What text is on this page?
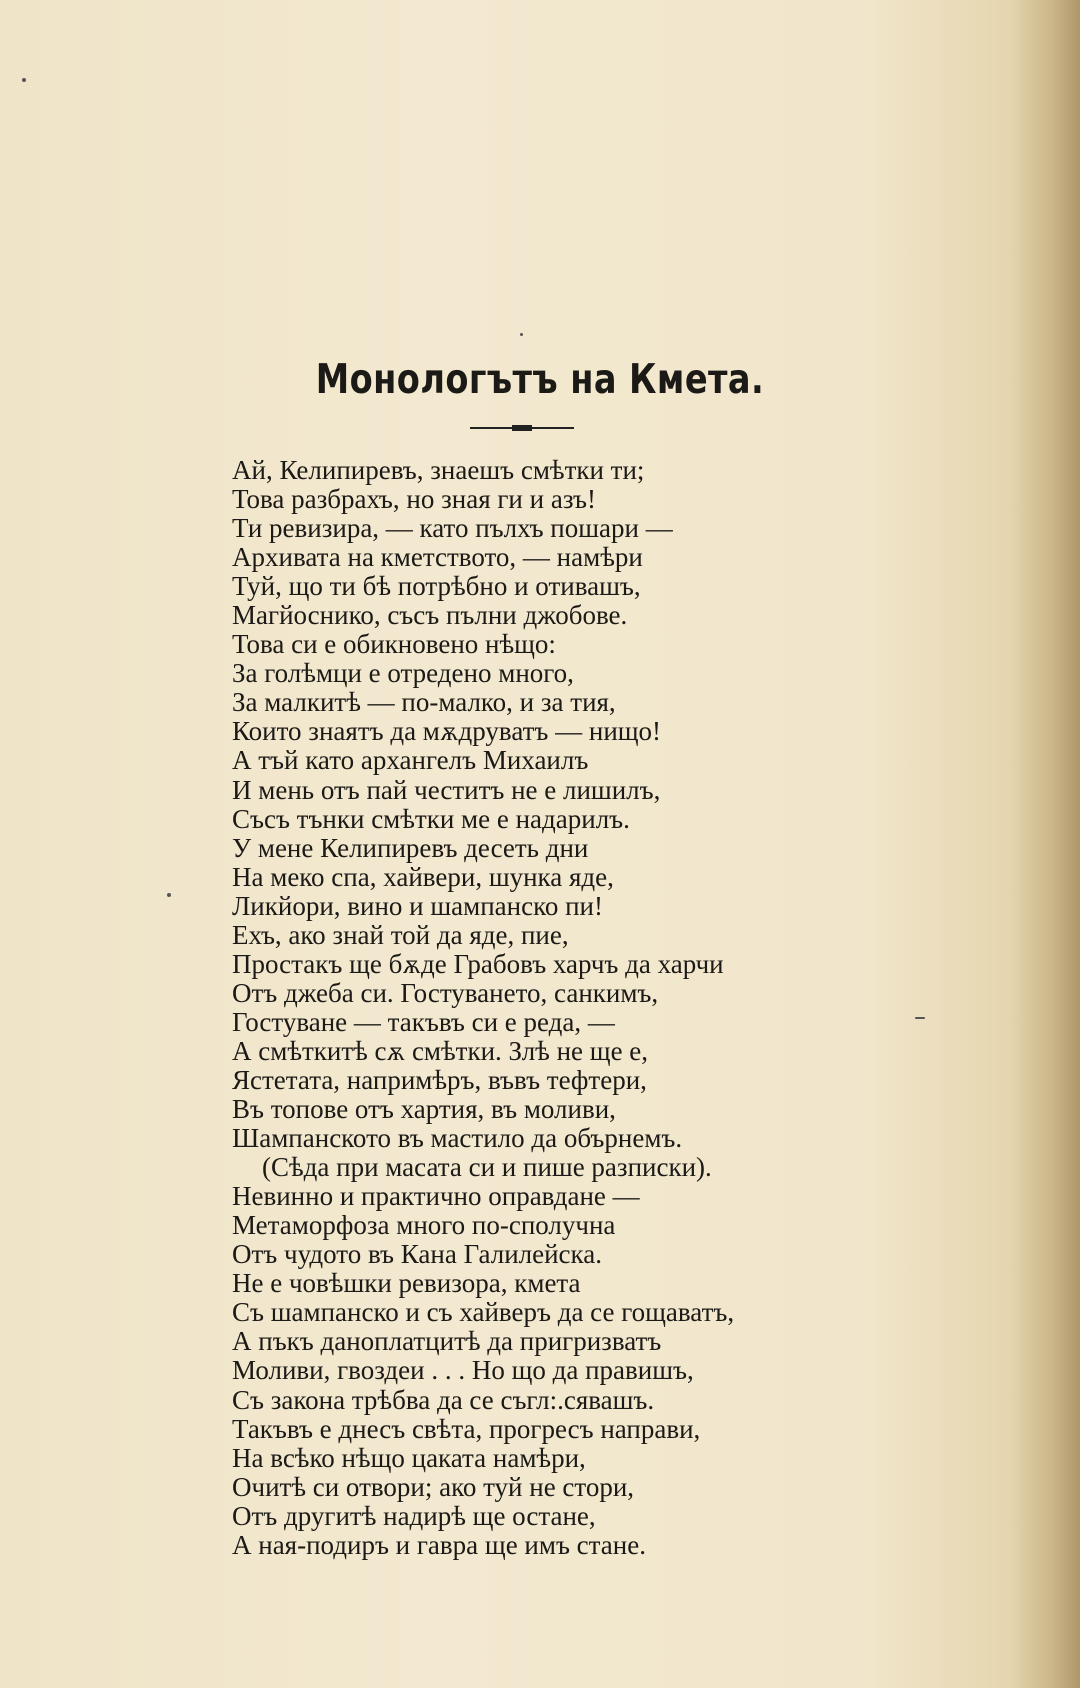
Монологътъ на Кмета.
Ай, Келипиревъ, знаешъ смѣтки ти;
Това разбрахъ, но зная ги и азъ!
Ти ревизира, — като пълхъ пошари —
Архивата на кметството, — намѣри
Туй, що ти бѣ потрѣбно и отивашъ,
Магйоснико, съсъ пълни джобове.
Това си е обикновено нѣщо:
За голѣмци е отредено много,
За малкитѣ — по-малко, и за тия,
Които знаятъ да мѫдруватъ — нищо!
А тъй като архангелъ Михаилъ
И мень отъ пай честитъ не е лишилъ,
Съсъ тънки смѣтки ме е надарилъ.
У мене Келипиревъ десеть дни
На меко спа, хайвери, шунка яде,
Ликйори, вино и шампанско пи!
Ехъ, ако знай той да яде, пие,
Простакъ ще бѫде Грабовъ харчъ да харчи
Отъ джеба си. Гостуването, санкимъ,
Гостуване — такъвъ си е реда, —
А смѣткитѣ сѫ смѣтки. Злѣ не ще е,
Ястетата, напримѣръ, въвъ тефтери,
Въ топове отъ хартия, въ моливи,
Шампанското въ мастило да обърнемъ.
(Сѣда при масата си и пише разписки).
Невинно и практично оправдане —
Метаморфоза много по-сполучна
Отъ чудото въ Кана Галилейска.
Не е човѣшки ревизора, кмета
Съ шампанско и съ хайверъ да се гощаватъ,
А пъкъ даноплатцитѣ да пригризватъ
Моливи, гвоздеи . . . Но що да правишъ,
Съ закона трѣбва да се съгл:.сявашъ.
Такъвъ е днесъ свѣта, прогресъ направи,
На всѣко нѣщо цаката намѣри,
Очитѣ си отвори; ако туй не стори,
Отъ другитѣ надирѣ ще остане,
А ная-подиръ и гавра ще имъ стане.
